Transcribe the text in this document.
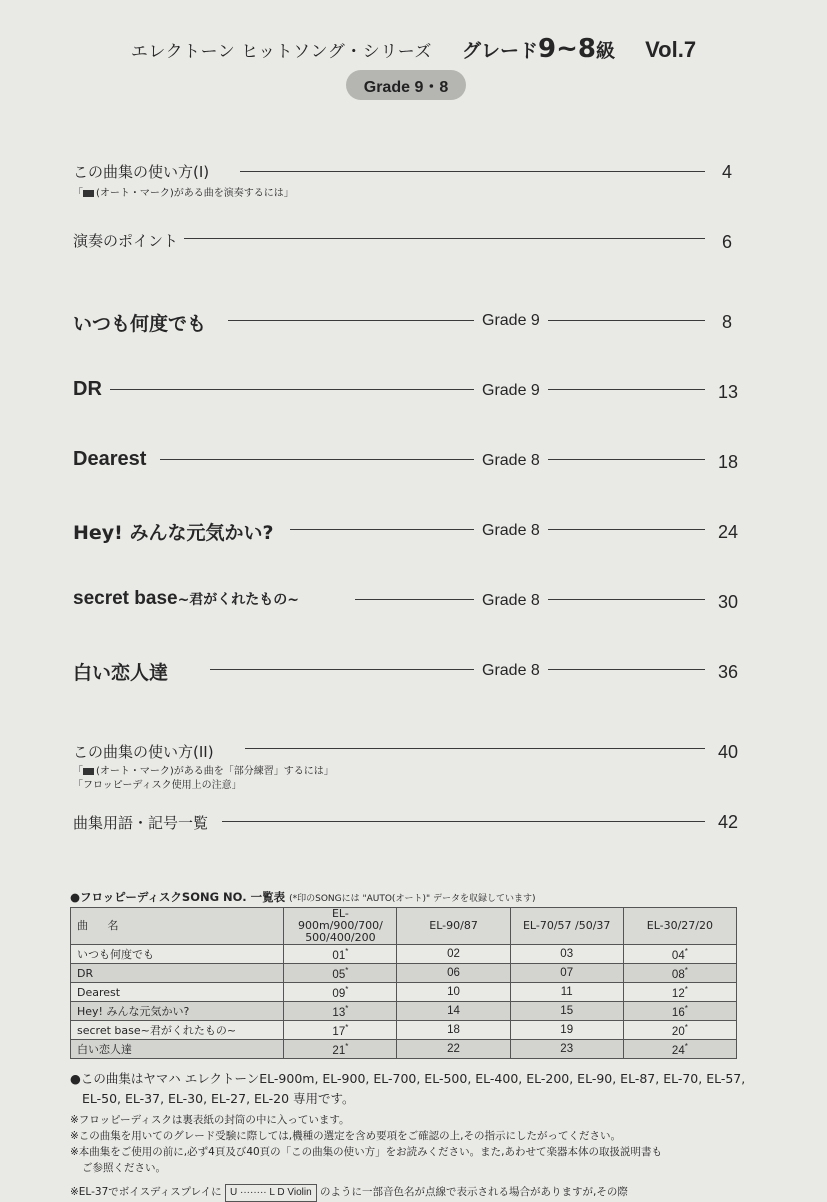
エレクトーン ヒットソング・シリーズ グレード9~8級 Vol.7
Grade 9・8
この曲集の使い方(I)	4
「 (オート・マーク)がある曲を演奏するには」
演奏のポイント	6
いつも何度でも	Grade 9	8
DR	Grade 9	13
Dearest	Grade 8	18
Hey! みんな元気かい?	Grade 8	24
secret base~君がくれたもの~	Grade 8	30
白い恋人達	Grade 8	36
この曲集の使い方(II)	40
「 (オート・マーク)がある曲を「部分練習」するには」
「フロッピーディスク使用上の注意」
曲集用語・記号一覧	42
●フロッピーディスクSONG NO. 一覧表 (*印のSONGには "AUTO(オート)" データを収録しています)
曲 名	EL-900m/900/700/ 500/400/200	EL-90/87	EL-70/57 /50/37	EL-30/27/20
いつも何度でも	01*	02	03	04*
DR	05*	06	07	08*
Dearest	09*	10	11	12*
Hey! みんな元気かい?	13*	14	15	16*
secret base~君がくれたもの~	17*	18	19	20*
白い恋人達	21*	22	23	24*
●この曲集はヤマハ エレクトーンEL-900m, EL-900, EL-700, EL-500, EL-400, EL-200, EL-90, EL-87, EL-70, EL-57,
EL-50, EL-37, EL-30, EL-27, EL-20 専用です。
※フロッピーディスクは裏表紙の封筒の中に入っています。
※この曲集を用いてのグレード受験に際しては,機種の選定を含め要項をご確認の上,その指示にしたがってください。
※本曲集をご使用の前に,必ず4頁及び40頁の「この曲集の使い方」をお読みください。また,あわせて楽器本体の取扱説明書も
ご参照ください。
※EL-37でボイスディスプレイに U ········ L D Violin のように一部音色名が点線で表示される場合がありますが,その際
